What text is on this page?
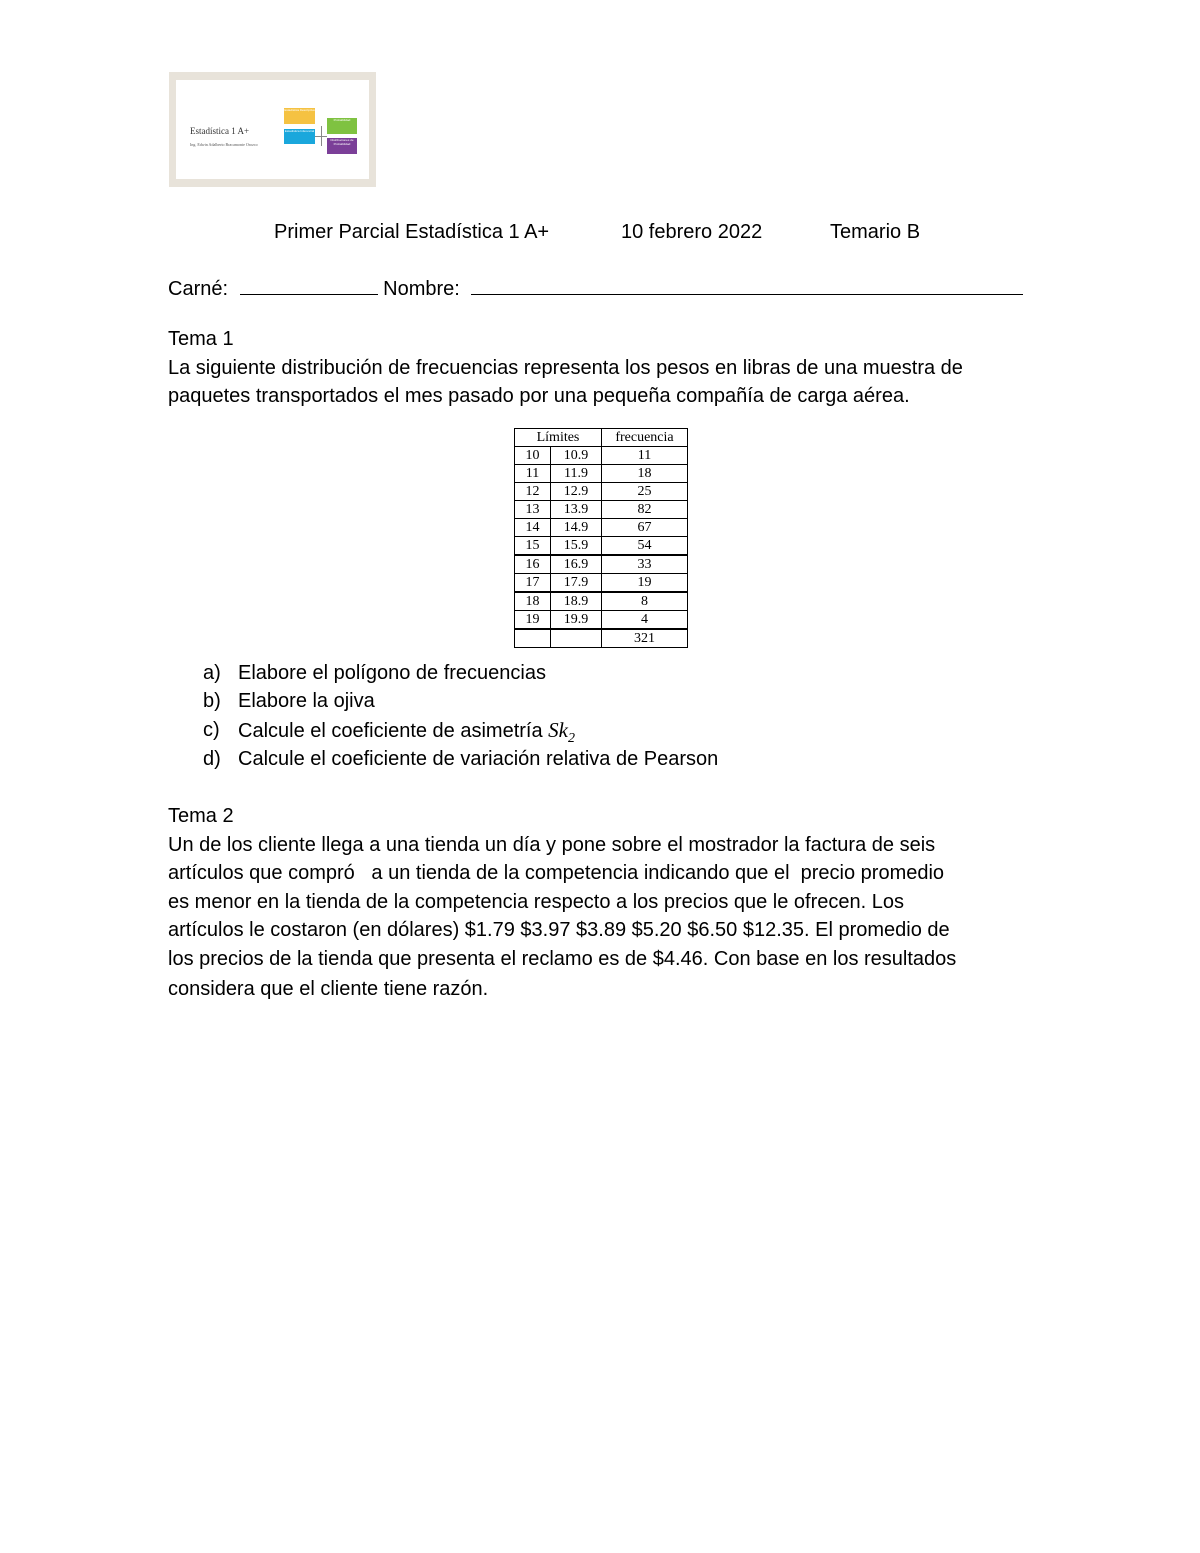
Estadística 1 A+
Ing. Edwin Adalberto Bracamonte Orozco
Estadística Descriptiva
Estadística Inferencial
Probabilidad
Distribuciones de Probabilidad
Primer Parcial Estadística 1 A+	10 febrero 2022	Temario B
Carné:	Nombre:
Tema 1
La siguiente distribución de frecuencias representa los pesos en libras de una muestra de
paquetes transportados el mes pasado por una pequeña compañía de carga aérea.
Límites		frecuencia
10	10.9	11
11	11.9	18
12	12.9	25
13	13.9	82
14	14.9	67
15	15.9	54
16	16.9	33
17	17.9	19
18	18.9	8
19	19.9	4
		321
a) Elabore el polígono de frecuencias
b) Elabore la ojiva
c) Calcule el coeficiente de asimetría $Sk_2$
d) Calcule el coeficiente de variación relativa de Pearson
Tema 2
Un de los cliente llega a una tienda un día y pone sobre el mostrador la factura de seis
artículos que compró   a un tienda de la competencia indicando que el  precio promedio
es menor en la tienda de la competencia respecto a los precios que le ofrecen. Los
artículos le costaron (en dólares) $1.79 $3.97 $3.89 $5.20 $6.50 $12.35. El promedio de
los precios de la tienda que presenta el reclamo es de $4.46. Con base en los resultados
considera que el cliente tiene razón.
